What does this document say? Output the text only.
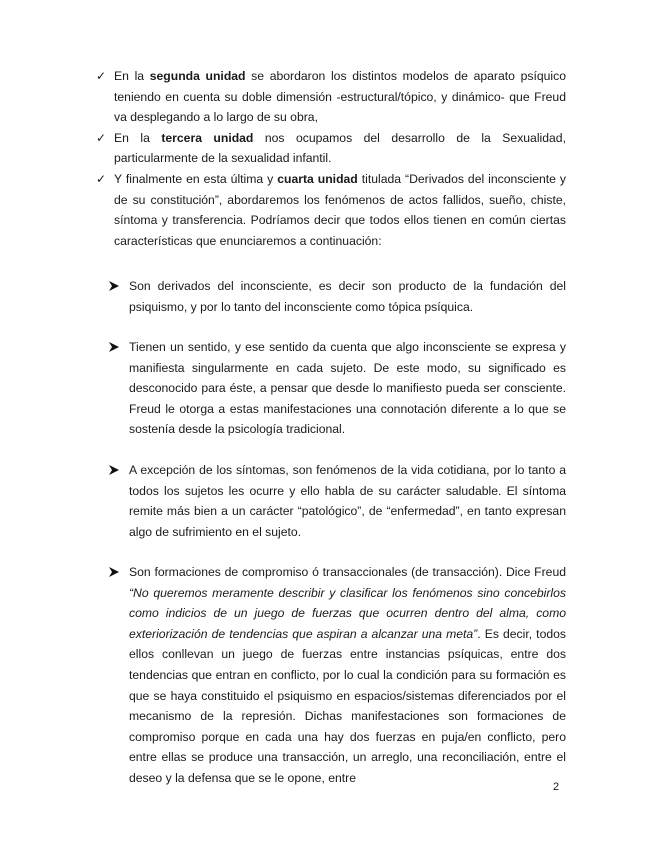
✓ En la segunda unidad se abordaron los distintos modelos de aparato psíquico teniendo en cuenta su doble dimensión -estructural/tópico, y dinámico- que Freud va desplegando a lo largo de su obra,
✓ En la tercera unidad nos ocupamos del desarrollo de la Sexualidad, particularmente de la sexualidad infantil.
✓ Y finalmente en esta última y cuarta unidad titulada “Derivados del inconsciente y de su constitución”, abordaremos los fenómenos de actos fallidos, sueño, chiste, síntoma y transferencia. Podríamos decir que todos ellos tienen en común ciertas características que enunciaremos a continuación:
Son derivados del inconsciente, es decir son producto de la fundación del psiquismo, y por lo tanto del inconsciente como tópica psíquica.
Tienen un sentido, y ese sentido da cuenta que algo inconsciente se expresa y manifiesta singularmente en cada sujeto. De este modo, su significado es desconocido para éste, a pensar que desde lo manifiesto pueda ser consciente. Freud le otorga a estas manifestaciones una connotación diferente a lo que se sostenía desde la psicología tradicional.
A excepción de los síntomas, son fenómenos de la vida cotidiana, por lo tanto a todos los sujetos les ocurre y ello habla de su carácter saludable. El síntoma remite más bien a un carácter “patológico”, de “enfermedad”, en tanto expresan algo de sufrimiento en el sujeto.
Son formaciones de compromiso ó transaccionales (de transacción). Dice Freud “No queremos meramente describir y clasificar los fenómenos sino concebirlos como indicios de un juego de fuerzas que ocurren dentro del alma, como exteriorización de tendencias que aspiran a alcanzar una meta”. Es decir, todos ellos conllevan un juego de fuerzas entre instancias psíquicas, entre dos tendencias que entran en conflicto, por lo cual la condición para su formación es que se haya constituido el psiquismo en espacios/sistemas diferenciados por el mecanismo de la represión. Dichas manifestaciones son formaciones de compromiso porque en cada una hay dos fuerzas en puja/en conflicto, pero entre ellas se produce una transacción, un arreglo, una reconciliación, entre el deseo y la defensa que se le opone, entre
2
